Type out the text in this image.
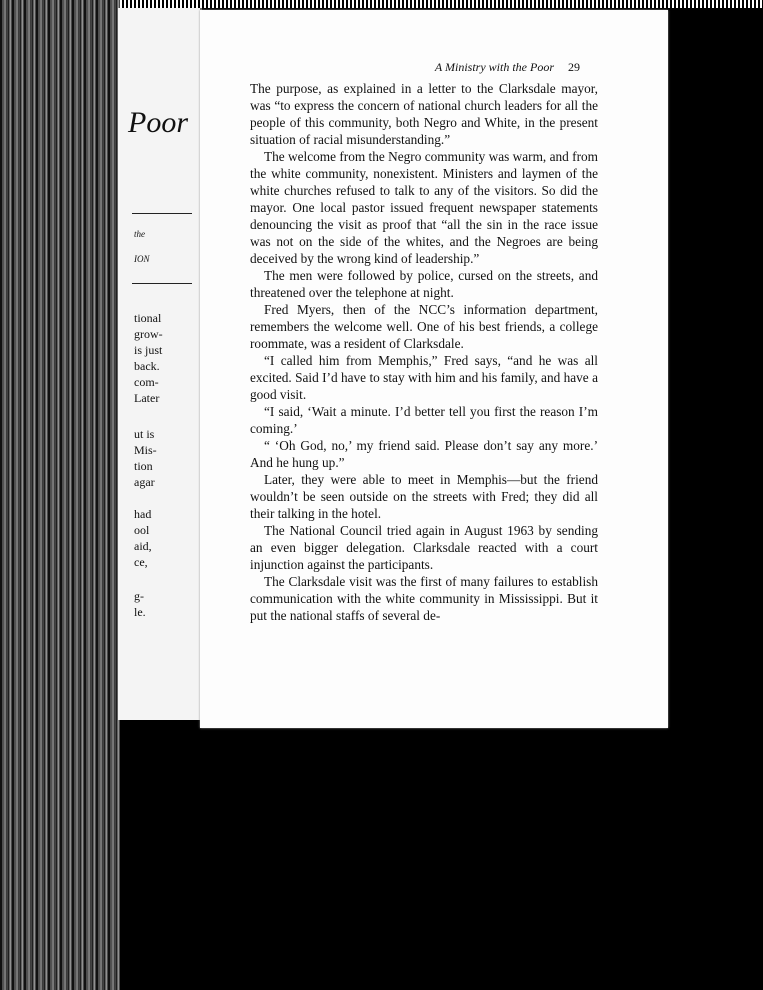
Poor
the
ION
tional
grow-
is just
back.
com-
Later
ut is
Mis-
tion
agar
had
ool
aid,
ce,
g-
le.
A Ministry with the Poor 29

The purpose, as explained in a letter to the Clarksdale mayor, was “to express the concern of national church leaders for all the people of this community, both Negro and White, in the present situation of racial misunderstanding.”

The welcome from the Negro community was warm, and from the white community, nonexistent. Ministers and laymen of the white churches refused to talk to any of the visitors. So did the mayor. One local pastor issued frequent newspaper statements denouncing the visit as proof that “all the sin in the race issue was not on the side of the whites, and the Negroes are being deceived by the wrong kind of leadership.”

The men were followed by police, cursed on the streets, and threatened over the telephone at night.

Fred Myers, then of the NCC’s information department, remembers the welcome well. One of his best friends, a college roommate, was a resident of Clarksdale.

“I called him from Memphis,” Fred says, “and he was all excited. Said I’d have to stay with him and his family, and have a good visit.

“I said, ‘Wait a minute. I’d better tell you first the reason I’m coming.’

“ ‘Oh God, no,’ my friend said. Please don’t say any more.’ And he hung up.”

Later, they were able to meet in Memphis—but the friend wouldn’t be seen outside on the streets with Fred; they did all their talking in the hotel.

The National Council tried again in August 1963 by sending an even bigger delegation. Clarksdale reacted with a court injunction against the participants.

The Clarksdale visit was the first of many failures to establish communication with the white community in Mississippi. But it put the national staffs of several de-
